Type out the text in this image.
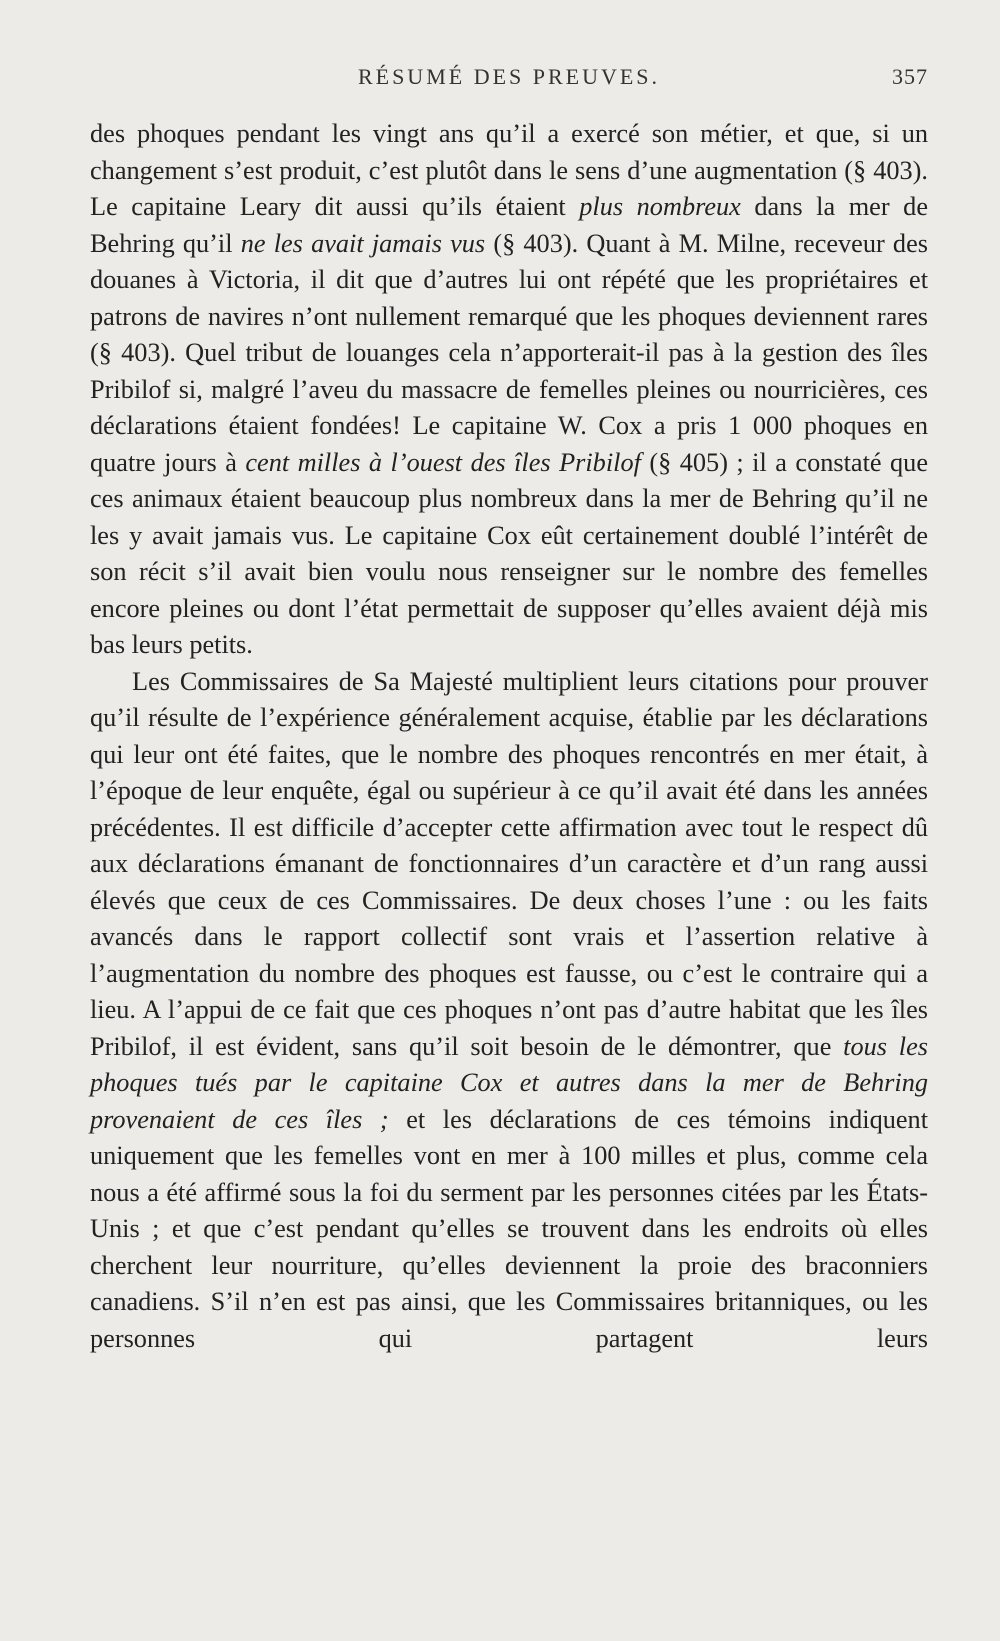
RÉSUMÉ DES PREUVES.	357

des phoques pendant les vingt ans qu’il a exercé son métier, et que, si un changement s’est produit, c’est plutôt dans le sens d’une augmentation (§ 403). Le capitaine Leary dit aussi qu’ils étaient plus nombreux dans la mer de Behring qu’il ne les avait jamais vus (§ 403). Quant à M. Milne, receveur des douanes à Victoria, il dit que d’autres lui ont répété que les propriétaires et patrons de navires n’ont nullement remarqué que les phoques deviennent rares (§ 403). Quel tribut de louanges cela n’apporterait-il pas à la gestion des îles Pribilof si, malgré l’aveu du massacre de femelles pleines ou nourricières, ces déclarations étaient fondées! Le capitaine W. Cox a pris 1 000 phoques en quatre jours à cent milles à l’ouest des îles Pribilof (§ 405) ; il a constaté que ces animaux étaient beaucoup plus nombreux dans la mer de Behring qu’il ne les y avait jamais vus. Le capitaine Cox eût certainement doublé l’intérêt de son récit s’il avait bien voulu nous renseigner sur le nombre des femelles encore pleines ou dont l’état permettait de supposer qu’elles avaient déjà mis bas leurs petits.

Les Commissaires de Sa Majesté multiplient leurs citations pour prouver qu’il résulte de l’expérience généralement acquise, établie par les déclarations qui leur ont été faites, que le nombre des phoques rencontrés en mer était, à l’époque de leur enquête, égal ou supérieur à ce qu’il avait été dans les années précédentes. Il est difficile d’accepter cette affirmation avec tout le respect dû aux déclarations émanant de fonctionnaires d’un caractère et d’un rang aussi élevés que ceux de ces Commissaires. De deux choses l’une : ou les faits avancés dans le rapport collectif sont vrais et l’assertion relative à l’augmentation du nombre des phoques est fausse, ou c’est le contraire qui a lieu. A l’appui de ce fait que ces phoques n’ont pas d’autre habitat que les îles Pribilof, il est évident, sans qu’il soit besoin de le démontrer, que tous les phoques tués par le capitaine Cox et autres dans la mer de Behring provenaient de ces îles ; et les déclarations de ces témoins indiquent uniquement que les femelles vont en mer à 100 milles et plus, comme cela nous a été affirmé sous la foi du serment par les personnes citées par les États-Unis ; et que c’est pendant qu’elles se trouvent dans les endroits où elles cherchent leur nourriture, qu’elles deviennent la proie des braconniers canadiens. S’il n’en est pas ainsi, que les Commissaires britanniques, ou les personnes qui partagent leurs
